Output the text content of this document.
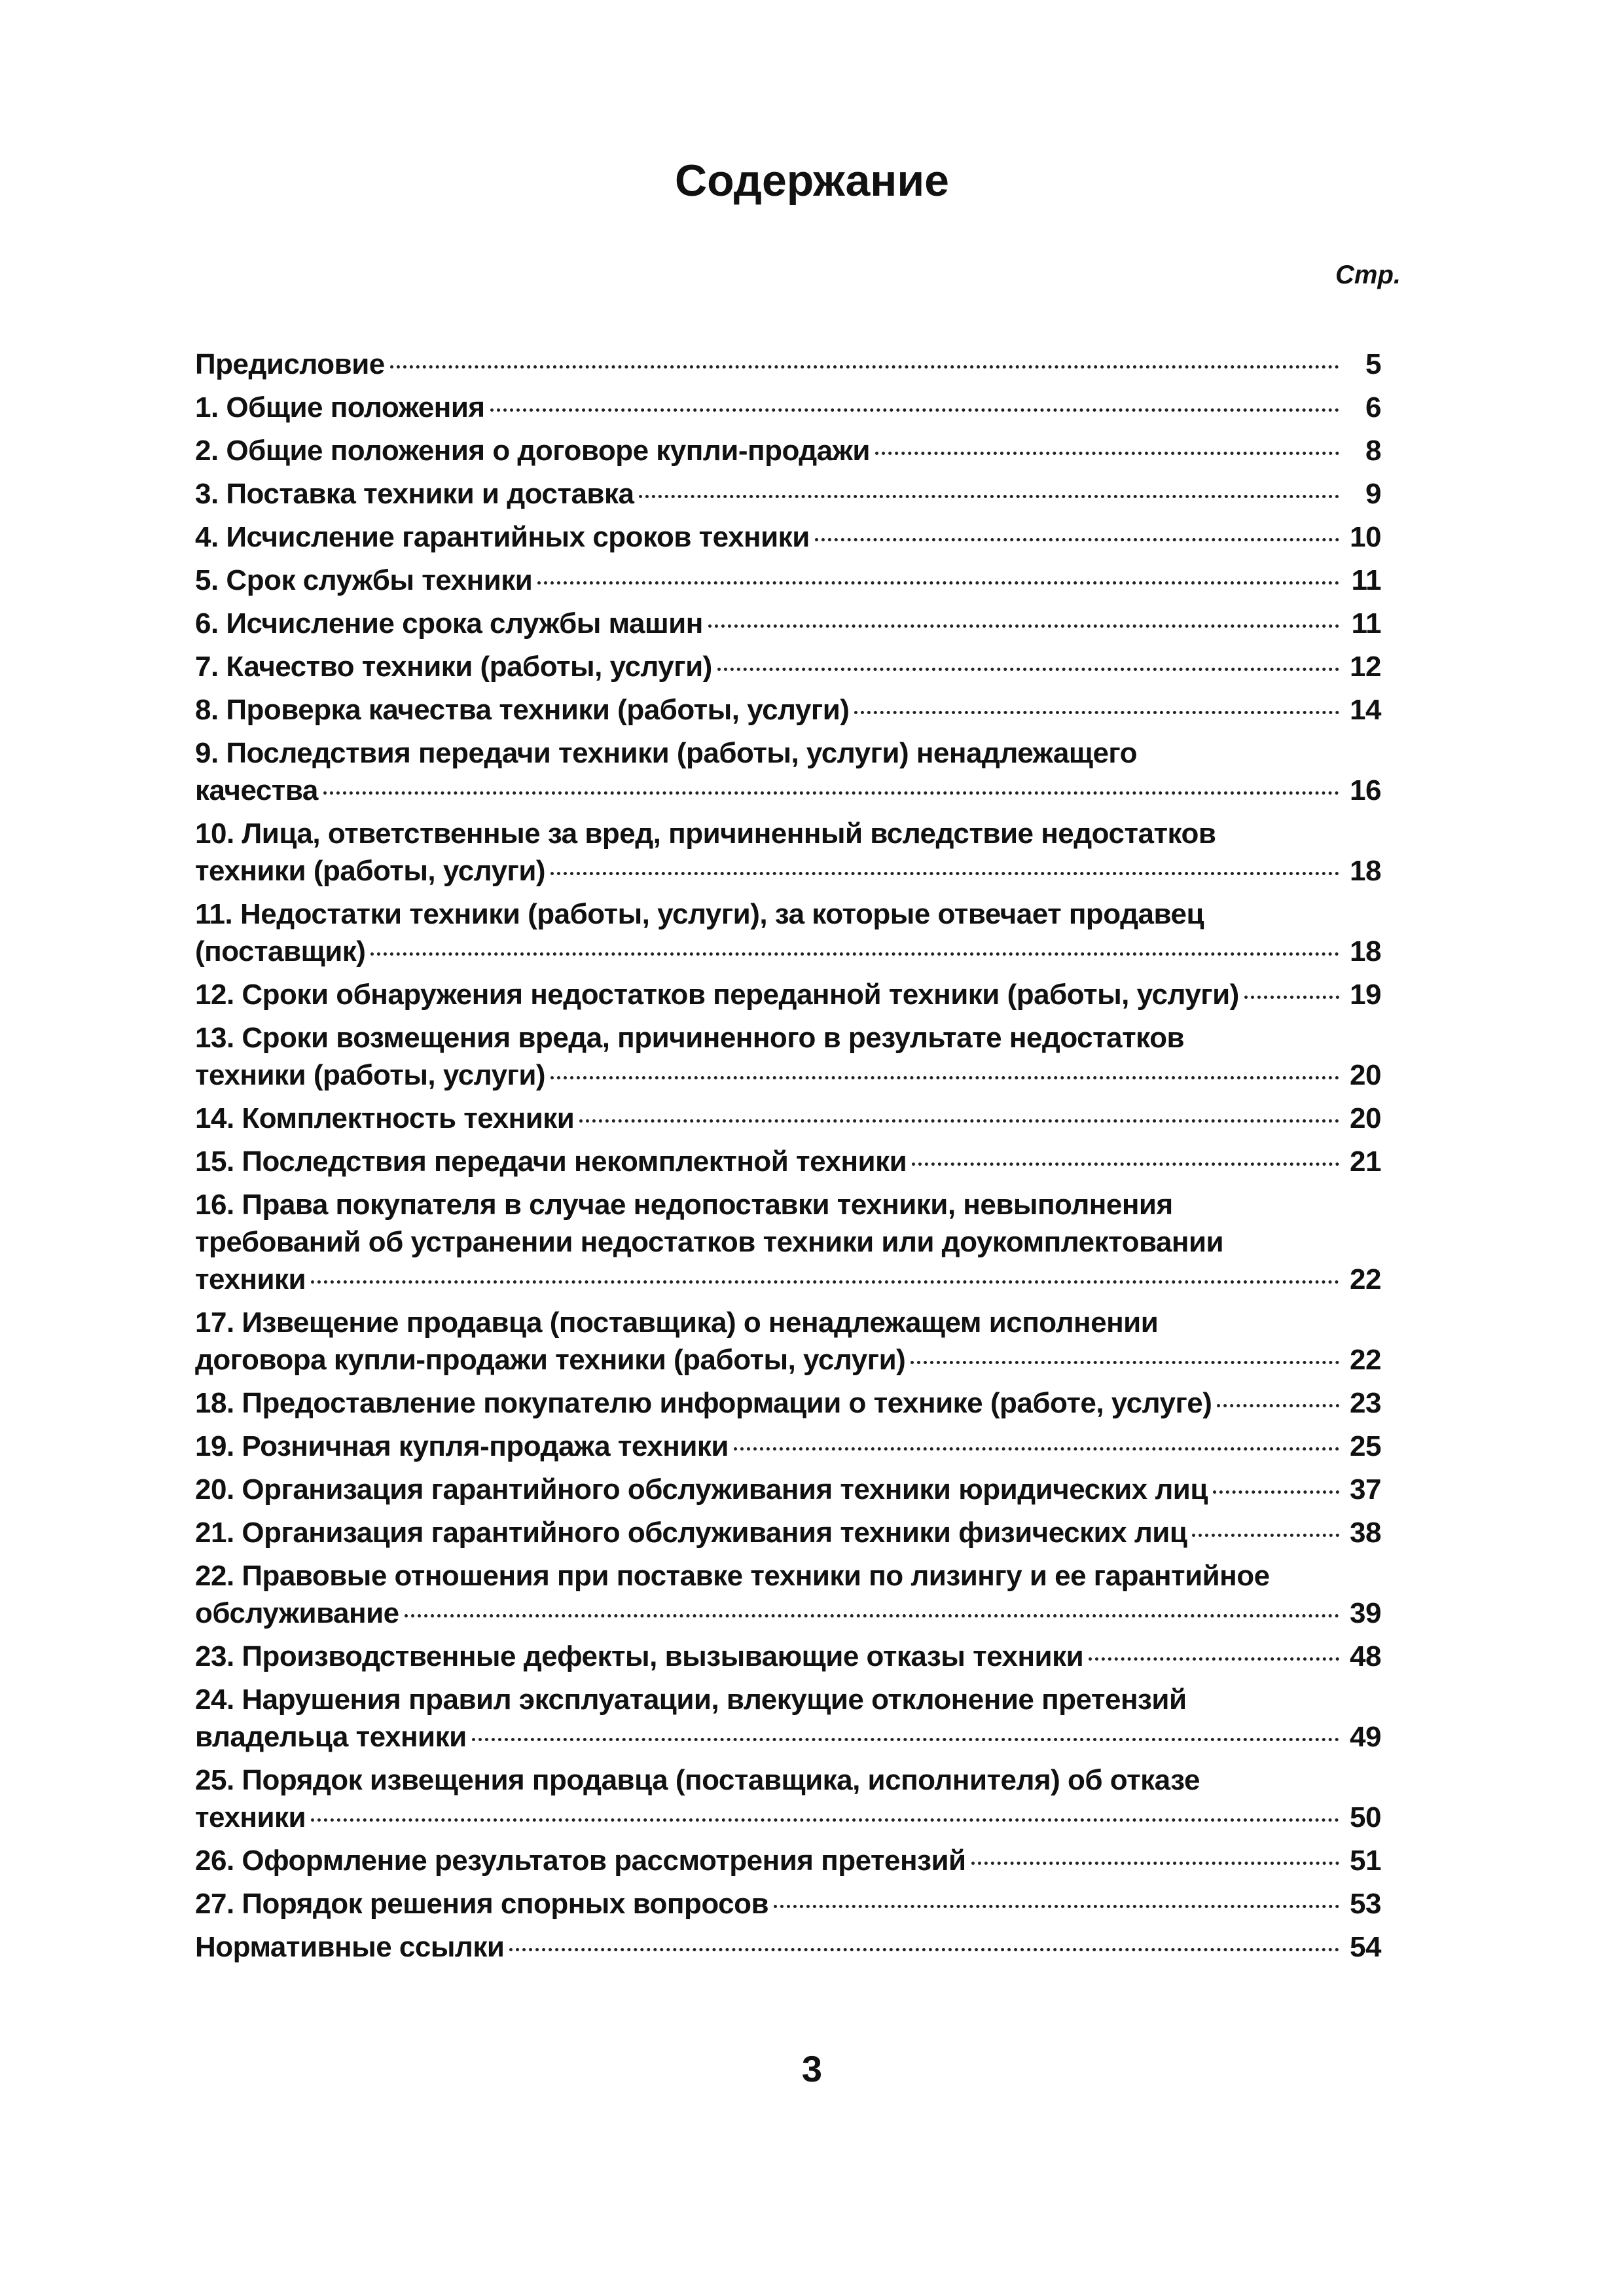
Содержание
Стр.
Предисловие	5
1. Общие положения	6
2. Общие положения о договоре купли-продажи	8
3. Поставка техники и доставка	9
4. Исчисление гарантийных сроков техники	10
5. Срок службы техники	11
6. Исчисление срока службы машин	11
7. Качество техники (работы, услуги)	12
8. Проверка качества техники (работы, услуги)	14
9. Последствия передачи техники (работы, услуги) ненадлежащего
качества	16
10. Лица, ответственные за вред, причиненный вследствие недостатков
техники (работы, услуги)	18
11. Недостатки техники (работы, услуги), за которые отвечает продавец
(поставщик)	18
12. Сроки обнаружения недостатков переданной техники (работы, услуги)	19
13. Сроки возмещения вреда, причиненного в результате недостатков
техники (работы, услуги)	20
14. Комплектность техники	20
15. Последствия передачи некомплектной техники	21
16. Права покупателя в случае недопоставки техники, невыполнения
требований об устранении недостатков техники или доукомплектовании
техники	22
17. Извещение продавца (поставщика) о ненадлежащем исполнении
договора купли-продажи техники (работы, услуги)	22
18. Предоставление покупателю информации о технике (работе, услуге)	23
19. Розничная купля-продажа техники	25
20. Организация гарантийного обслуживания техники юридических лиц	37
21. Организация гарантийного обслуживания техники физических лиц	38
22. Правовые отношения при поставке техники по лизингу и ее гарантийное
обслуживание	39
23. Производственные дефекты, вызывающие отказы техники	48
24. Нарушения правил эксплуатации, влекущие отклонение претензий
владельца техники	49
25. Порядок извещения продавца (поставщика, исполнителя) об отказе
техники	50
26. Оформление результатов рассмотрения претензий	51
27. Порядок решения спорных вопросов	53
Нормативные ссылки	54
3
